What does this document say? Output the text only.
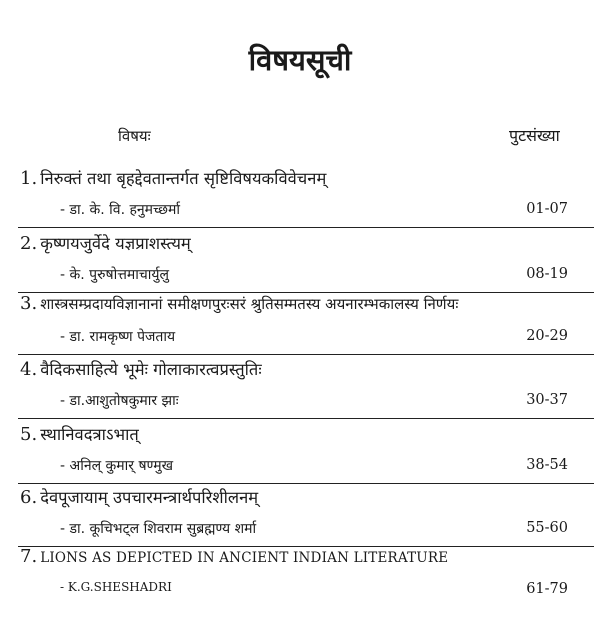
विषयसूची
विषयः	पुटसंख्या
1. निरुक्तं तथा बृहद्देवतान्तर्गत सृष्टिविषयकविवेचनम्
- डा. के. वि. हनुमच्छर्मा	01-07
2. कृष्णयजुर्वेदे यज्ञप्राशस्त्यम्
- के. पुरुषोत्तमाचार्युलु	08-19
3. शास्त्रसम्प्रदायविज्ञानानां समीक्षणपुरःसरं श्रुतिसम्मतस्य अयनारम्भकालस्य निर्णयः
- डा. रामकृष्ण पेजताय	20-29
4. वैदिकसाहित्ये भूमेः गोलाकारत्वप्रस्तुतिः
- डा.आशुतोषकुमार झाः	30-37
5. स्थानिवदत्राऽभात्
- अनिल् कुमार् षण्मुख	38-54
6. देवपूजायाम् उपचारमन्त्रार्थपरिशीलनम्
- डा. कूचिभट्ल शिवराम सुब्रह्मण्य शर्मा	55-60
7. LIONS AS DEPICTED IN ANCIENT INDIAN LITERATURE
- K.G.SHESHADRI	61-79
